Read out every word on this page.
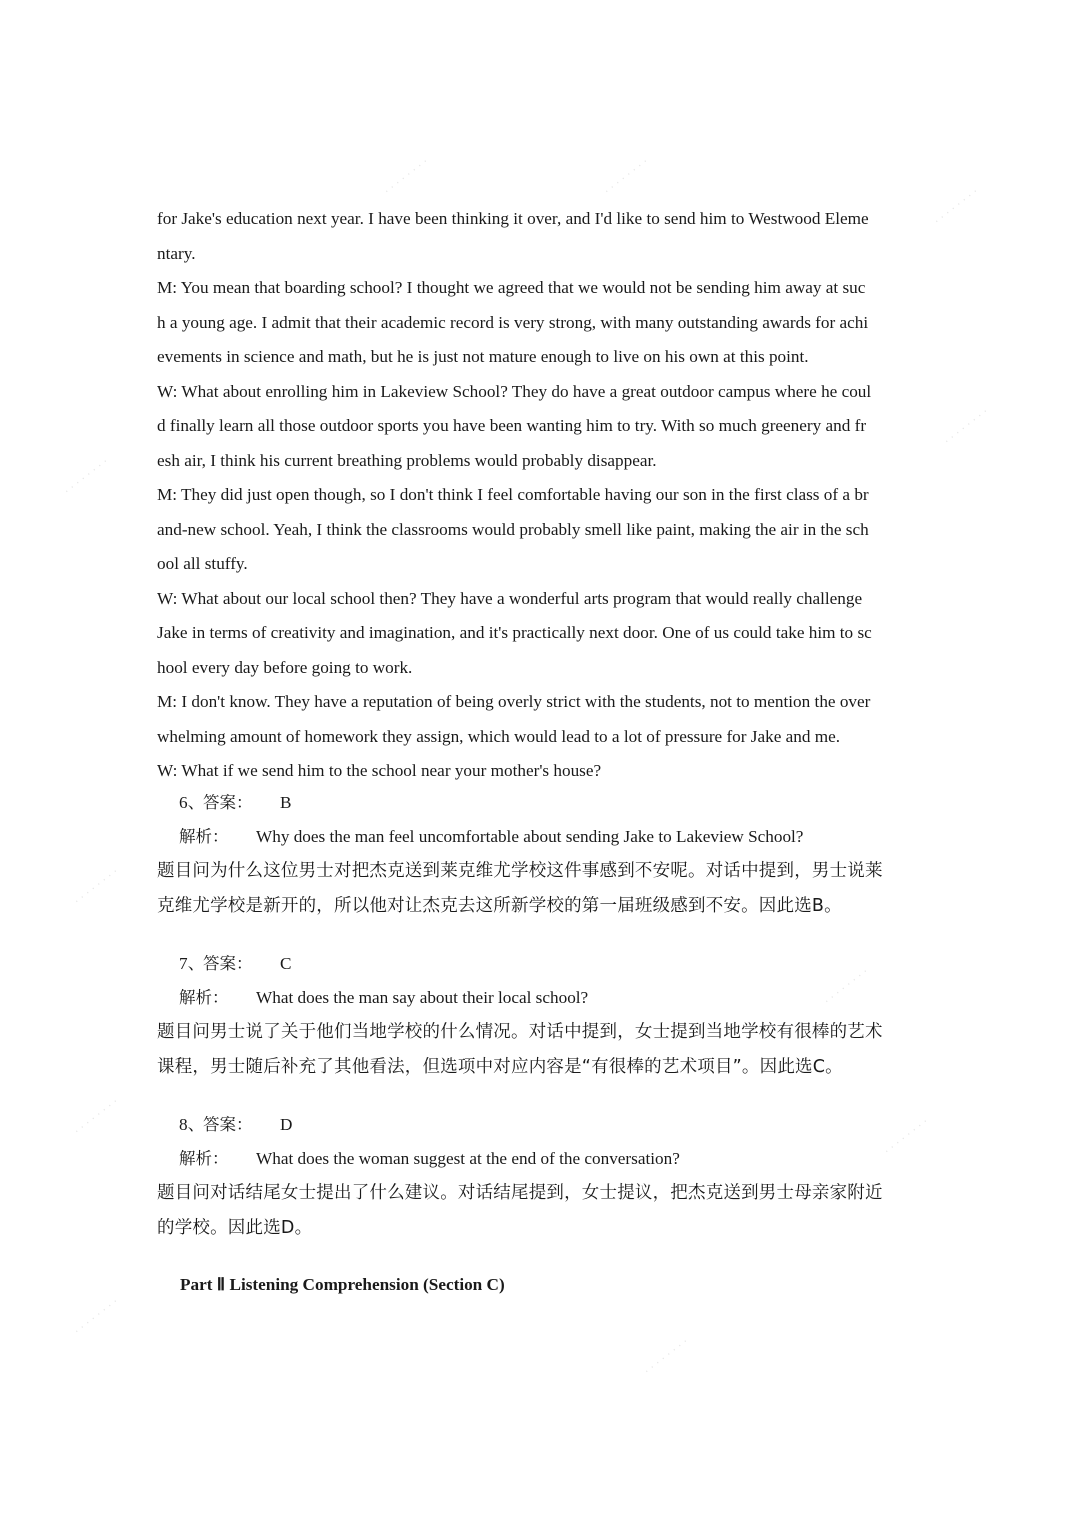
for Jake's education next year. I have been thinking it over, and I'd like to send him to Westwood Eleme

ntary.

M: You mean that boarding school? I thought we agreed that we would not be sending him away at suc

h a young age. I admit that their academic record is very strong, with many outstanding awards for achi

evements in science and math, but he is just not mature enough to live on his own at this point.

W: What about enrolling him in Lakeview School? They do have a great outdoor campus where he coul

d finally learn all those outdoor sports you have been wanting him to try. With so much greenery and fr

esh air, I think his current breathing problems would probably disappear.

M: They did just open though, so I don't think I feel comfortable having our son in the first class of a br

and-new school. Yeah, I think the classrooms would probably smell like paint, making the air in the sch

ool all stuffy.

W: What about our local school then? They have a wonderful arts program that would really challenge

Jake in terms of creativity and imagination, and it's practically next door. One of us could take him to sc

hool every day before going to work.

M: I don't know. They have a reputation of being overly strict with the students, not to mention the over

whelming amount of homework they assign, which would lead to a lot of pressure for Jake and me.

W: What if we send him to the school near your mother's house?

6、答案： B

解析： Why does the man feel uncomfortable about sending Jake to Lakeview School?

题目问为什么这位男士对把杰克送到莱克维尤学校这件事感到不安呢。对话中提到，男士说莱

克维尤学校是新开的，所以他对让杰克去这所新学校的第一届班级感到不安。因此选B。

7、答案： C

解析： What does the man say about their local school?

题目问男士说了关于他们当地学校的什么情况。对话中提到，女士提到当地学校有很棒的艺术

课程，男士随后补充了其他看法，但选项中对应内容是“有很棒的艺术项目”。因此选C。

8、答案： D

解析： What does the woman suggest at the end of the conversation?

题目问对话结尾女士提出了什么建议。对话结尾提到，女士提议，把杰克送到男士母亲家附近

的学校。因此选D。

Part Ⅱ Listening Comprehension (Section C)
· · · · · · · ·	· · · · · · · ·
· · · · · · · ·
· · · · · · · ·
· · · · · · · ·
· · · · · · · ·
· · · · · · · ·
· · · · · · · ·	· · · · · · · ·
· · · · · · · ·
· · · · · · · ·
